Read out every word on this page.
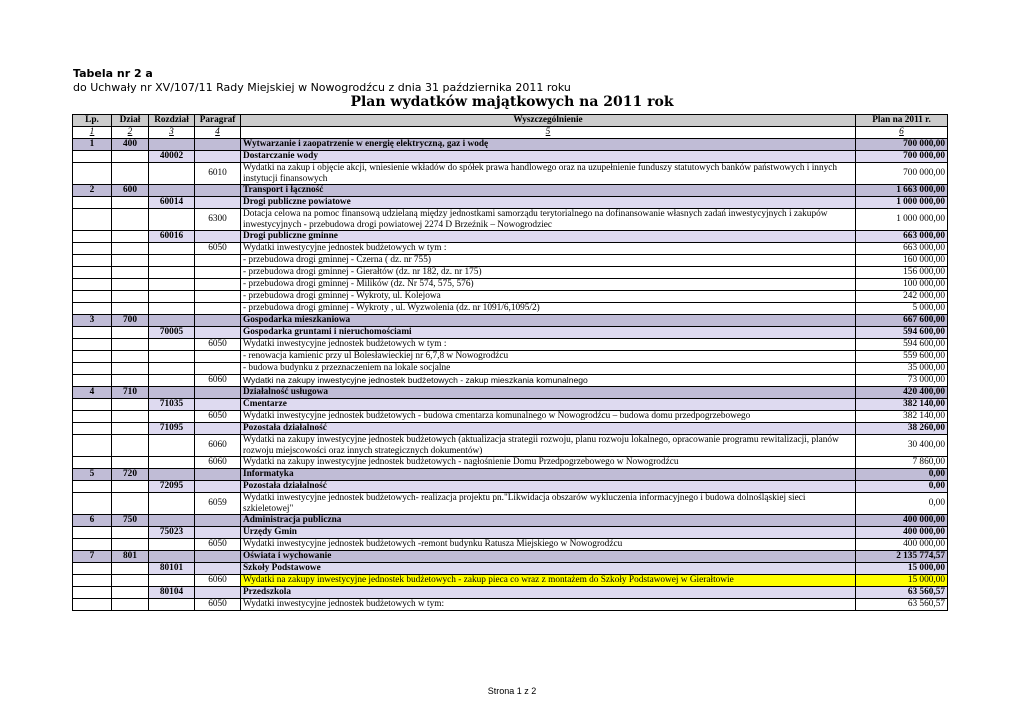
Tabela nr 2 a
do Uchwały nr XV/107/11 Rady Miejskiej w Nowogrodźcu z dnia 31 października 2011 roku
Plan wydatków majątkowych na 2011 rok
Lp.	Dział	Rozdział	Paragraf	Wyszczególnienie	Plan na 2011 r.
1	2	3	4	5	6
1	400			Wytwarzanie i zaopatrzenie w energię elektryczną, gaz i wodę	700 000,00
		40002		Dostarczanie wody	700 000,00
			6010	Wydatki na zakup i objęcie akcji, wniesienie wkładów do spółek prawa handlowego oraz na uzupełnienie funduszy statutowych banków państwowych i innych instytucji finansowych	700 000,00
2	600			Transport i łączność	1 663 000,00
		60014		Drogi publiczne powiatowe	1 000 000,00
			6300	Dotacja celowa na pomoc finansową udzielaną między jednostkami samorządu terytorialnego na dofinansowanie własnych zadań inwestycyjnych i zakupów inwestycyjnych - przebudowa drogi powiatowej 2274 D Brzeźnik – Nowogrodziec	1 000 000,00
		60016		Drogi publiczne gminne	663 000,00
			6050	Wydatki inwestycyjne jednostek budżetowych w tym :	663 000,00
				- przebudowa drogi gminnej - Czerna ( dz. nr 755)	160 000,00
				- przebudowa drogi gminnej - Gierałtów (dz. nr 182, dz. nr 175)	156 000,00
				- przebudowa drogi gminnej - Milików (dz. Nr 574, 575, 576)	100 000,00
				- przebudowa drogi gminnej - Wykroty, ul. Kolejowa	242 000,00
				- przebudowa drogi gminnej - Wykroty , ul. Wyzwolenia (dz. nr 1091/6,1095/2)	5 000,00
3	700			Gospodarka mieszkaniowa	667 600,00
		70005		Gospodarka gruntami i nieruchomościami	594 600,00
			6050	Wydatki inwestycyjne jednostek budżetowych w tym :	594 600,00
				- renowacja kamienic przy ul Bolesławieckiej nr 6,7,8 w Nowogrodźcu	559 600,00
				- budowa budynku z przeznaczeniem na lokale socjalne	35 000,00
			6060	Wydatki na zakupy inwestycyjne jednostek budżetowych - zakup mieszkania komunalnego	73 000,00
4	710			Działalność usługowa	420 400,00
		71035		Cmentarze	382 140,00
			6050	Wydatki inwestycyjne jednostek budżetowych - budowa cmentarza komunalnego w Nowogrodźcu – budowa domu przedpogrzebowego	382 140,00
		71095		Pozostała działalność	38 260,00
			6060	Wydatki na zakupy inwestycyjne jednostek budżetowych (aktualizacja strategii rozwoju, planu rozwoju lokalnego, opracowanie programu rewitalizacji, planów rozwoju miejscowości oraz innych strategicznych dokumentów)	30 400,00
			6060	Wydatki na zakupy inwestycyjne jednostek budżetowych - nagłośnienie Domu Przedpogrzebowego w Nowogrodźcu	7 860,00
5	720			Informatyka	0,00
		72095		Pozostała działalność	0,00
			6059	Wydatki inwestycyjne jednostek budżetowych- realizacja projektu pn."Likwidacja obszarów wykluczenia informacyjnego i budowa dolnośląskiej sieci szkieletowej"	0,00
6	750			Administracja publiczna	400 000,00
		75023		Urzędy Gmin	400 000,00
			6050	Wydatki inwestycyjne jednostek budżetowych -remont budynku Ratusza Miejskiego w Nowogrodźcu	400 000,00
7	801			Oświata i wychowanie	2 135 774,57
		80101		Szkoły Podstawowe	15 000,00
			6060	Wydatki na zakupy inwestycyjne jednostek budżetowych - zakup pieca co wraz z montażem do Szkoły Podstawowej w Gierałtowie	15 000,00
		80104		Przedszkola	63 560,57
			6050	Wydatki inwestycyjne jednostek budżetowych w tym:	63 560,57
Strona 1 z 2
